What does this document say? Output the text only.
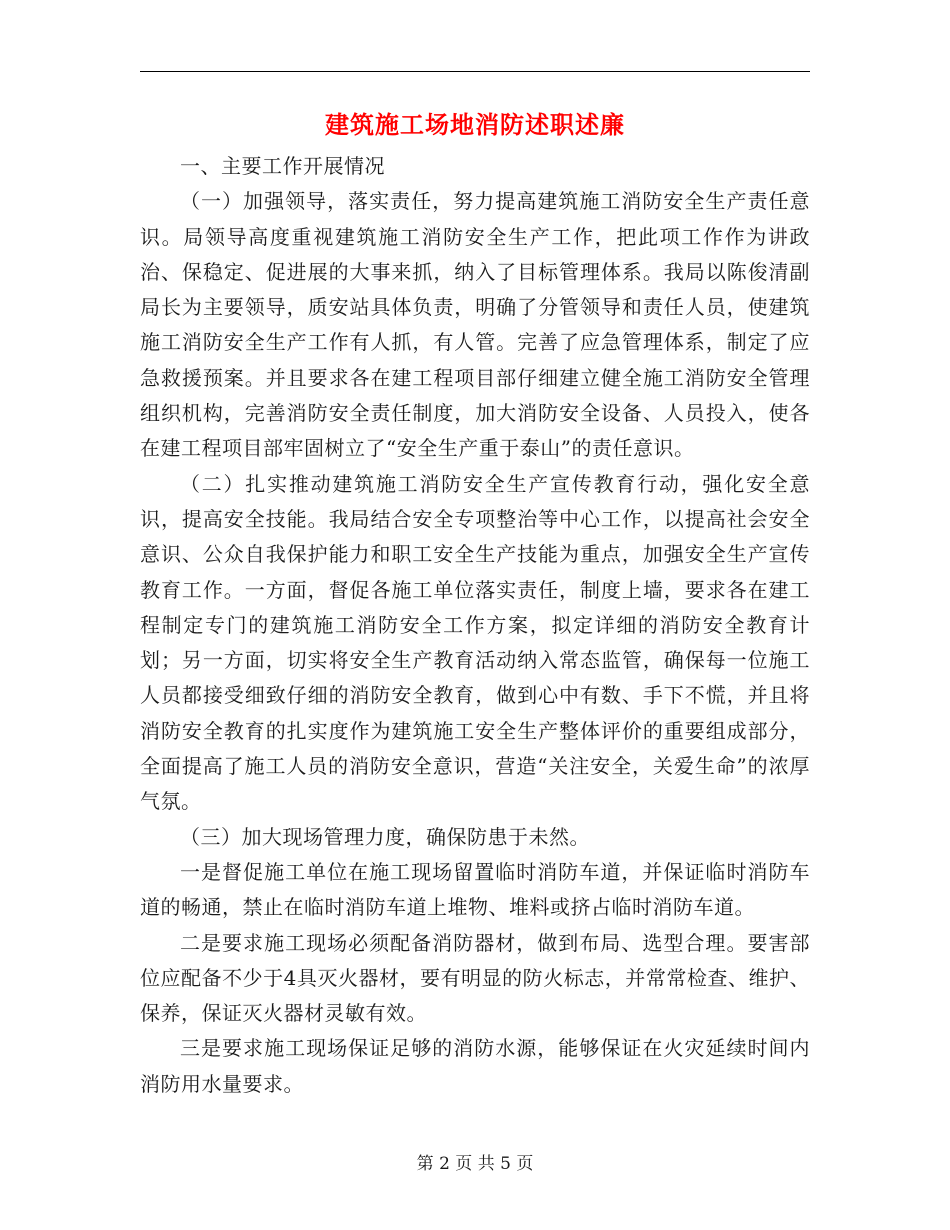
建筑施工场地消防述职述廉

一、主要工作开展情况

（一）加强领导，落实责任，努力提高建筑施工消防安全生产责任意识。局领导高度重视建筑施工消防安全生产工作，把此项工作作为讲政治、保稳定、促进展的大事来抓，纳入了目标管理体系。我局以陈俊清副局长为主要领导，质安站具体负责，明确了分管领导和责任人员，使建筑施工消防安全生产工作有人抓，有人管。完善了应急管理体系，制定了应急救援预案。并且要求各在建工程项目部仔细建立健全施工消防安全管理组织机构，完善消防安全责任制度，加大消防安全设备、人员投入，使各在建工程项目部牢固树立了“安全生产重于泰山”的责任意识。

（二）扎实推动建筑施工消防安全生产宣传教育行动，强化安全意识，提高安全技能。我局结合安全专项整治等中心工作，以提高社会安全意识、公众自我保护能力和职工安全生产技能为重点，加强安全生产宣传教育工作。一方面，督促各施工单位落实责任，制度上墙，要求各在建工程制定专门的建筑施工消防安全工作方案，拟定详细的消防安全教育计划；另一方面，切实将安全生产教育活动纳入常态监管，确保每一位施工人员都接受细致仔细的消防安全教育，做到心中有数、手下不慌，并且将消防安全教育的扎实度作为建筑施工安全生产整体评价的重要组成部分，全面提高了施工人员的消防安全意识，营造“关注安全，关爱生命”的浓厚气氛。

（三）加大现场管理力度，确保防患于未然。

一是督促施工单位在施工现场留置临时消防车道，并保证临时消防车道的畅通，禁止在临时消防车道上堆物、堆料或挤占临时消防车道。

二是要求施工现场必须配备消防器材，做到布局、选型合理。要害部位应配备不少于4具灭火器材，要有明显的防火标志，并常常检查、维护、保养，保证灭火器材灵敏有效。

三是要求施工现场保证足够的消防水源，能够保证在火灾延续时间内消防用水量要求。

第 2 页 共 5 页
